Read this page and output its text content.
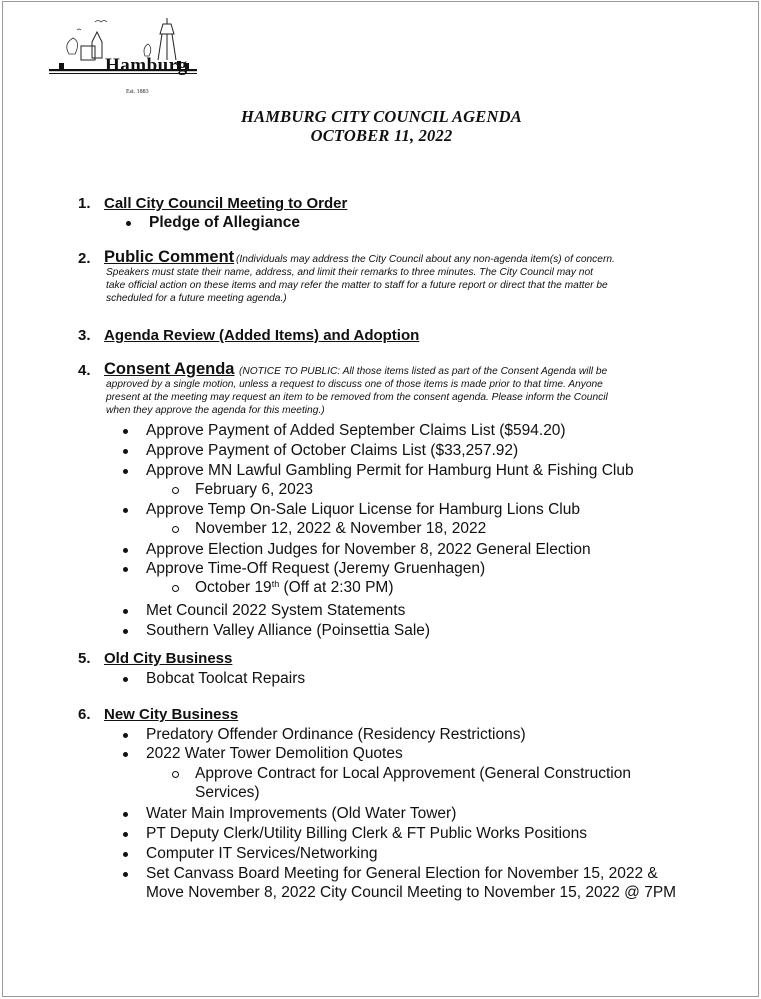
Hamburg
Est. 1883
HAMBURG CITY COUNCIL AGENDA
OCTOBER 11, 2022
1. Call City Council Meeting to Order
Pledge of Allegiance
2. Public Comment (Individuals may address the City Council about any non-agenda item(s) of concern.
Speakers must state their name, address, and limit their remarks to three minutes. The City Council may not
take official action on these items and may refer the matter to staff for a future report or direct that the matter be
scheduled for a future meeting agenda.)
3. Agenda Review (Added Items) and Adoption
4. Consent Agenda (NOTICE TO PUBLIC: All those items listed as part of the Consent Agenda will be
approved by a single motion, unless a request to discuss one of those items is made prior to that time. Anyone
present at the meeting may request an item to be removed from the consent agenda. Please inform the Council
when they approve the agenda for this meeting.)
Approve Payment of Added September Claims List ($594.20)
Approve Payment of October Claims List ($33,257.92)
Approve MN Lawful Gambling Permit for Hamburg Hunt & Fishing Club
February 6, 2023
Approve Temp On-Sale Liquor License for Hamburg Lions Club
November 12, 2022 & November 18, 2022
Approve Election Judges for November 8, 2022 General Election
Approve Time-Off Request (Jeremy Gruenhagen)
October 19th (Off at 2:30 PM)
Met Council 2022 System Statements
Southern Valley Alliance (Poinsettia Sale)
5. Old City Business
Bobcat Toolcat Repairs
6. New City Business
Predatory Offender Ordinance (Residency Restrictions)
2022 Water Tower Demolition Quotes
Approve Contract for Local Approvement (General Construction
Services)
Water Main Improvements (Old Water Tower)
PT Deputy Clerk/Utility Billing Clerk & FT Public Works Positions
Computer IT Services/Networking
Set Canvass Board Meeting for General Election for November 15, 2022 &
Move November 8, 2022 City Council Meeting to November 15, 2022 @ 7PM
